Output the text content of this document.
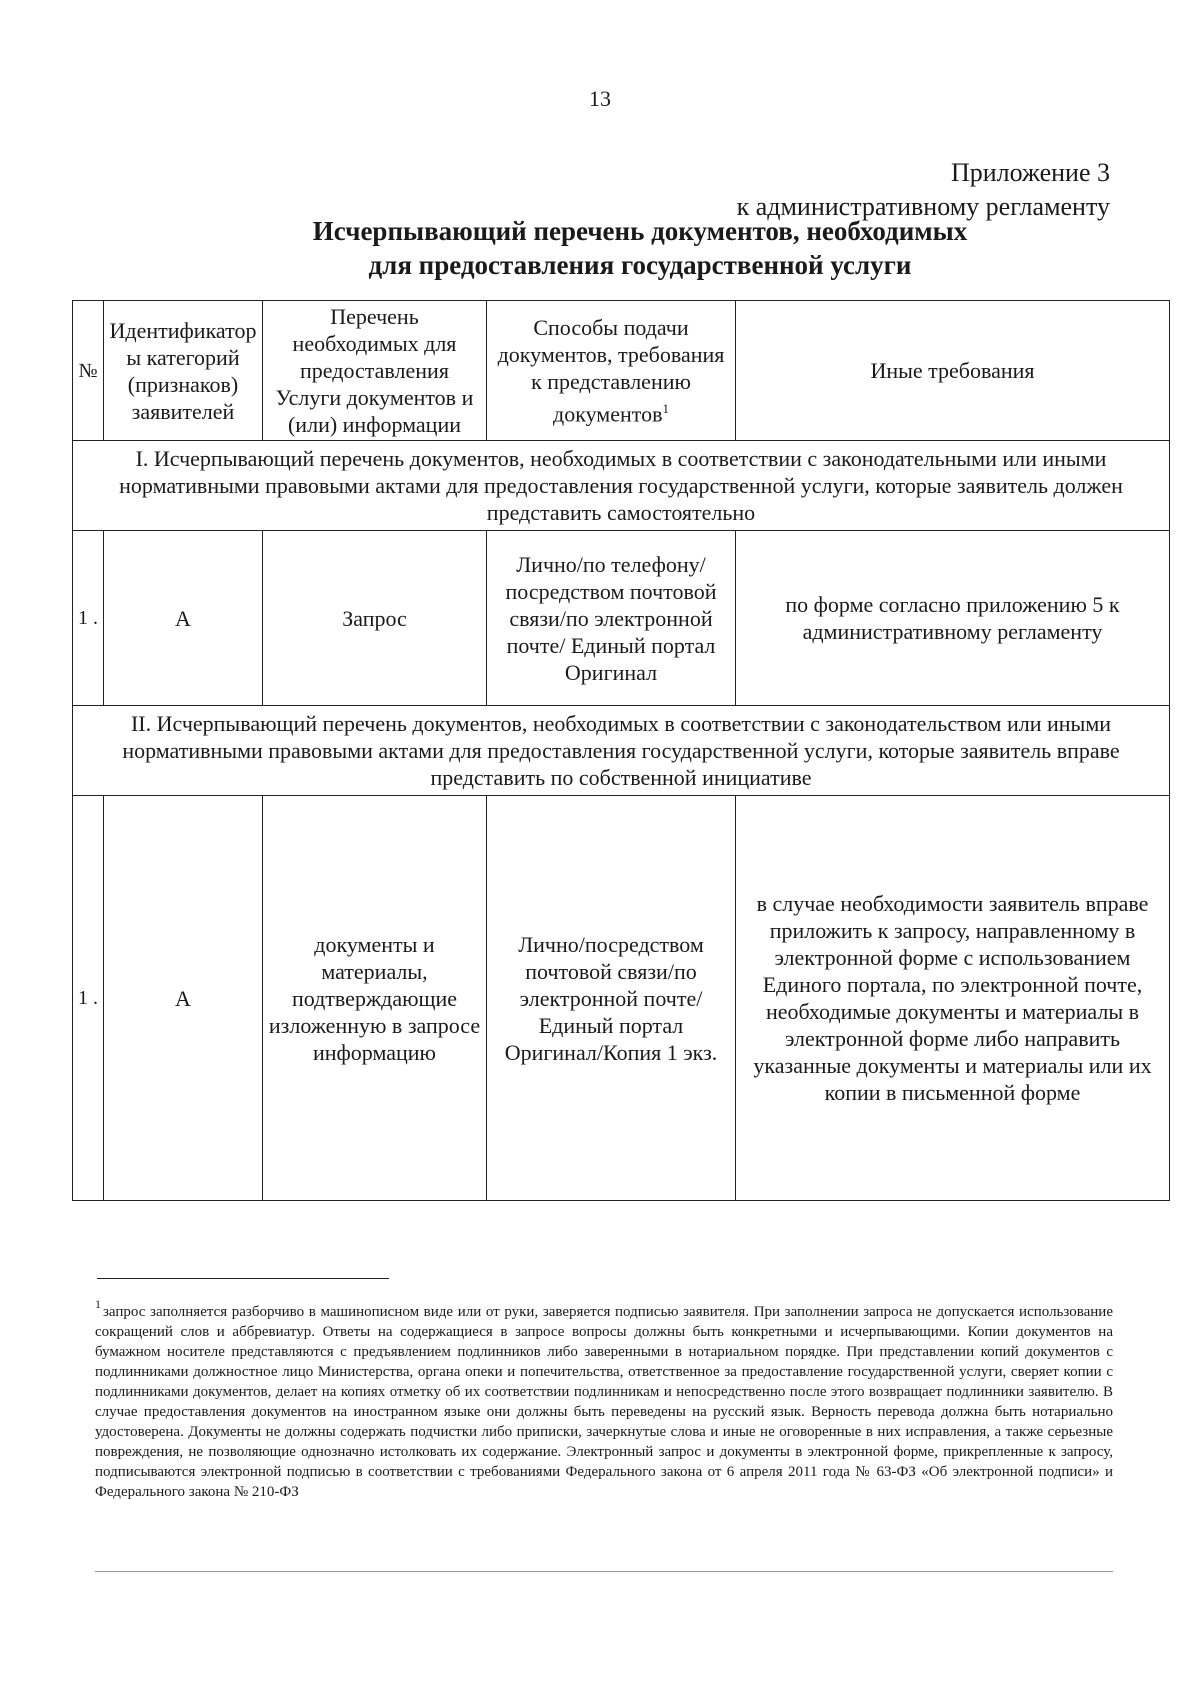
13
Приложение 3
к административному регламенту
Исчерпывающий перечень документов, необходимых
для предоставления государственной услуги
№	Идентификатор ы категорий (признаков) заявителей	Перечень необходимых для предоставления Услуги документов и (или) информации	Способы подачи документов, требования к представлению документов$^1$	Иные требования
I. Исчерпывающий перечень документов, необходимых в соответствии с законодательными или иными нормативными правовыми актами для предоставления государственной услуги, которые заявитель должен представить самостоятельно				
1 .	А	Запрос	Лично/по телефону/посредством почтовой связи/по электронной почте/ Единый портал Оригинал	по форме согласно приложению 5 к административному регламенту
II. Исчерпывающий перечень документов, необходимых в соответствии с законодательством или иными нормативными правовыми актами для предоставления государственной услуги, которые заявитель вправе представить по собственной инициативе				
1 .	А	документы и материалы, подтверждающие изложенную в запросе информацию	Лично/посредством почтовой связи/по электронной почте/ Единый портал Оригинал/Копия 1 экз.	в случае необходимости заявитель вправе приложить к запросу, направленному в электронной форме с использованием Единого портала, по электронной почте, необходимые документы и материалы в электронной форме либо направить указанные документы и материалы или их копии в письменной форме
1 запрос заполняется разборчиво в машинописном виде или от руки, заверяется подписью заявителя. При заполнении запроса не допускается использование сокращений слов и аббревиатур. Ответы на содержащиеся в запросе вопросы должны быть конкретными и исчерпывающими. Копии документов на бумажном носителе представляются с предъявлением подлинников либо заверенными в нотариальном порядке. При представлении копий документов с подлинниками должностное лицо Министерства, органа опеки и попечительства, ответственное за предоставление государственной услуги, сверяет копии с подлинниками документов, делает на копиях отметку об их соответствии подлинникам и непосредственно после этого возвращает подлинники заявителю. В случае предоставления документов на иностранном языке они должны быть переведены на русский язык. Верность перевода должна быть нотариально удостоверена. Документы не должны содержать подчистки либо приписки, зачеркнутые слова и иные не оговоренные в них исправления, а также серьезные повреждения, не позволяющие однозначно истолковать их содержание. Электронный запрос и документы в электронной форме, прикрепленные к запросу, подписываются электронной подписью в соответствии с требованиями Федерального закона от 6 апреля 2011 года № 63-ФЗ «Об электронной подписи» и Федерального закона № 210-ФЗ
